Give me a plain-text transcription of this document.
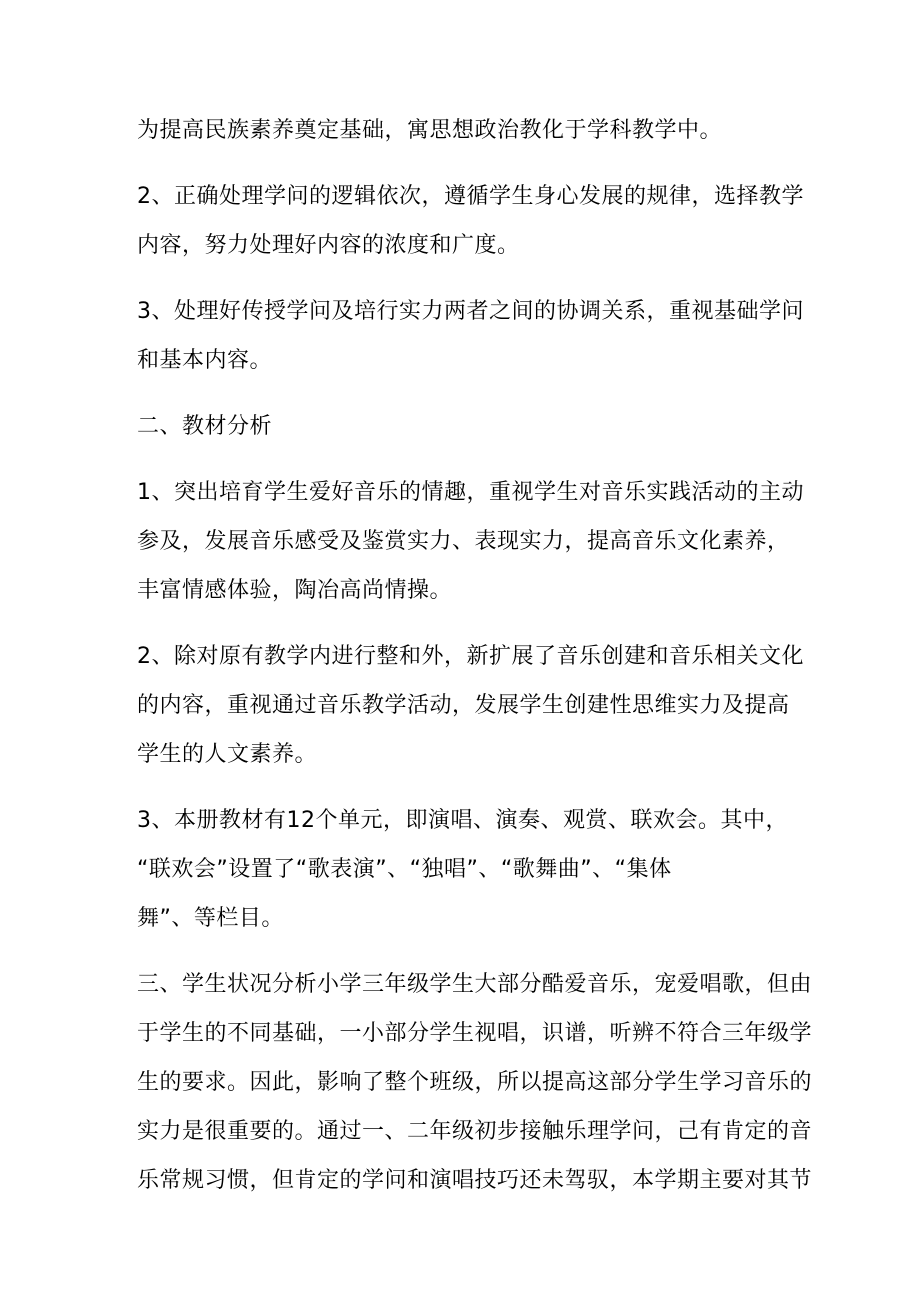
为提高民族素养奠定基础，寓思想政治教化于学科教学中。
2、正确处理学问的逻辑依次，遵循学生身心发展的规律，选择教学
内容，努力处理好内容的浓度和广度。
3、处理好传授学问及培行实力两者之间的协调关系，重视基础学问
和基本内容。
二、教材分析
1、突出培育学生爱好音乐的情趣，重视学生对音乐实践活动的主动
参及，发展音乐感受及鉴赏实力、表现实力，提高音乐文化素养，
丰富情感体验，陶冶高尚情操。
2、除对原有教学内进行整和外，新扩展了音乐创建和音乐相关文化
的内容，重视通过音乐教学活动，发展学生创建性思维实力及提高
学生的人文素养。
3、本册教材有12个单元，即演唱、演奏、观赏、联欢会。其中，
“联欢会”设置了“歌表演”、“独唱”、“歌舞曲”、“集体
舞”、等栏目。
三、学生状况分析小学三年级学生大部分酷爱音乐，宠爱唱歌，但由
于学生的不同基础，一小部分学生视唱，识谱，听辨不符合三年级学
生的要求。因此，影响了整个班级，所以提高这部分学生学习音乐的
实力是很重要的。通过一、二年级初步接触乐理学问，己有肯定的音
乐常规习惯，但肯定的学问和演唱技巧还未驾驭，本学期主要对其节
